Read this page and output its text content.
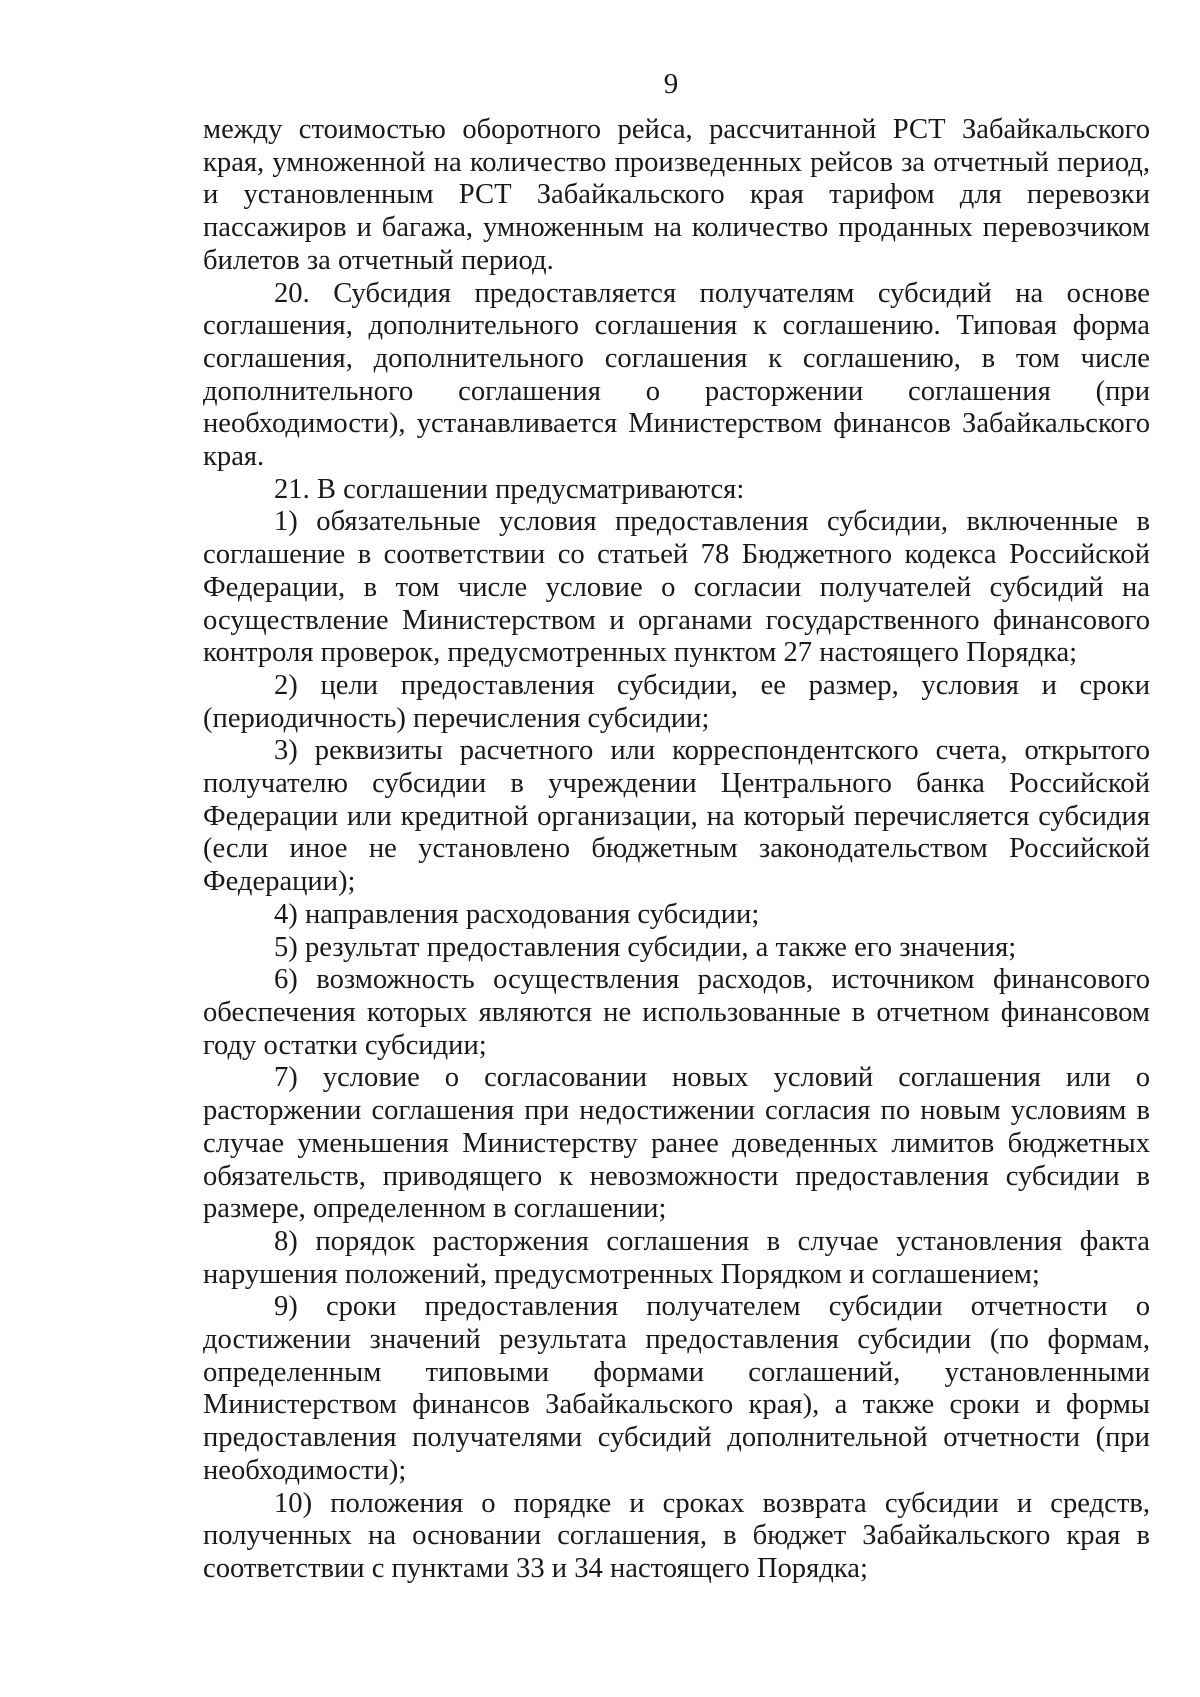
9

между стоимостью оборотного рейса, рассчитанной РСТ Забайкальского края, умноженной на количество произведенных рейсов за отчетный период, и установленным РСТ Забайкальского края тарифом для перевозки пассажиров и багажа, умноженным на количество проданных перевозчиком билетов за отчетный период.

20. Субсидия предоставляется получателям субсидий на основе соглашения, дополнительного соглашения к соглашению. Типовая форма соглашения, дополнительного соглашения к соглашению, в том числе дополнительного соглашения о расторжении соглашения (при необходимости), устанавливается Министерством финансов Забайкальского края.

21. В соглашении предусматриваются:

1) обязательные условия предоставления субсидии, включенные в соглашение в соответствии со статьей 78 Бюджетного кодекса Российской Федерации, в том числе условие о согласии получателей субсидий на осуществление Министерством и органами государственного финансового контроля проверок, предусмотренных пунктом 27 настоящего Порядка;

2) цели предоставления субсидии, ее размер, условия и сроки (периодичность) перечисления субсидии;

3) реквизиты расчетного или корреспондентского счета, открытого получателю субсидии в учреждении Центрального банка Российской Федерации или кредитной организации, на который перечисляется субсидия (если иное не установлено бюджетным законодательством Российской Федерации);

4) направления расходования субсидии;

5) результат предоставления субсидии, а также его значения;

6) возможность осуществления расходов, источником финансового обеспечения которых являются не использованные в отчетном финансовом году остатки субсидии;

7) условие о согласовании новых условий соглашения или о расторжении соглашения при недостижении согласия по новым условиям в случае уменьшения Министерству ранее доведенных лимитов бюджетных обязательств, приводящего к невозможности предоставления субсидии в размере, определенном в соглашении;

8) порядок расторжения соглашения в случае установления факта нарушения положений, предусмотренных Порядком и соглашением;

9) сроки предоставления получателем субсидии отчетности о достижении значений результата предоставления субсидии (по формам, определенным типовыми формами соглашений, установленными Министерством финансов Забайкальского края), а также сроки и формы предоставления получателями субсидий дополнительной отчетности (при необходимости);

10) положения о порядке и сроках возврата субсидии и средств, полученных на основании соглашения, в бюджет Забайкальского края в соответствии с пунктами 33 и 34 настоящего Порядка;
